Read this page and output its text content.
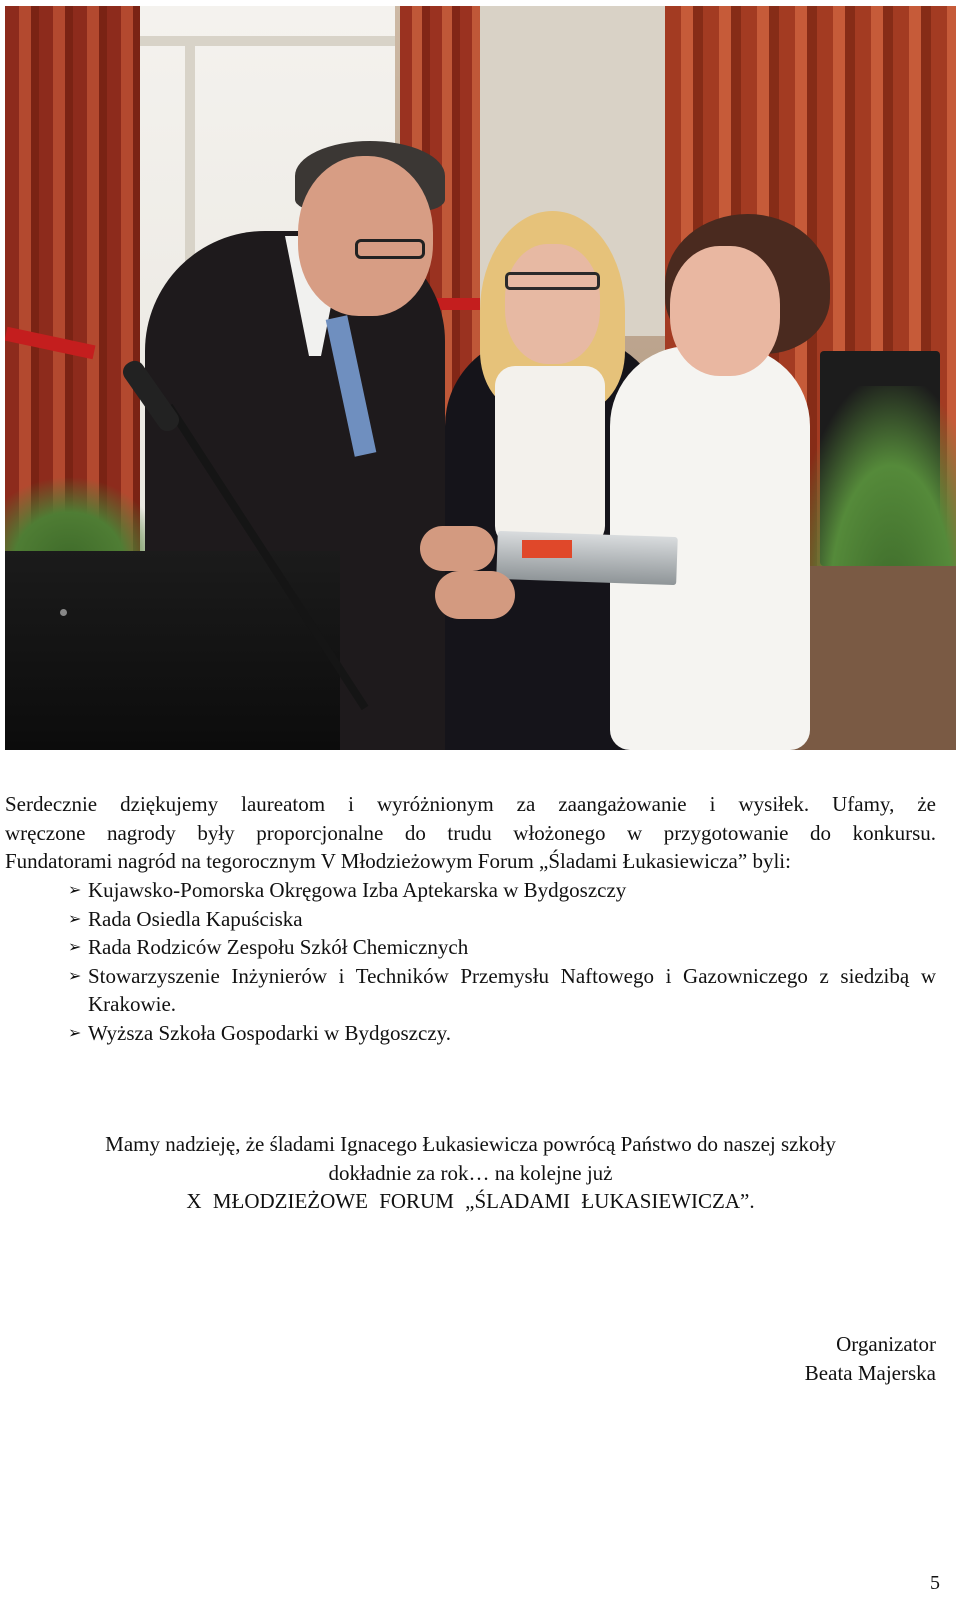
Serdecznie dziękujemy laureatom i wyróżnionym za zaangażowanie i wysiłek. Ufamy, że

wręczone nagrody były proporcjonalne do trudu włożonego w przygotowanie do konkursu.

Fundatorami nagród na tegorocznym V Młodzieżowym Forum „Śladami Łukasiewicza” byli:

➢ Kujawsko-Pomorska Okręgowa Izba Aptekarska w Bydgoszczy
➢ Rada Osiedla Kapuściska
➢ Rada Rodziców Zespołu Szkół Chemicznych
➢ Stowarzyszenie Inżynierów i Techników Przemysłu Naftowego i Gazowniczego z siedzibą w Krakowie.
➢ Wyższa Szkoła Gospodarki w Bydgoszczy.

Mamy nadzieję, że śladami Ignacego Łukasiewicza powrócą Państwo do naszej szkoły

dokładnie za rok… na kolejne już

X MŁODZIEŻOWE FORUM „ŚLADAMI ŁUKASIEWICZA”.

Organizator

Beata Majerska

5
